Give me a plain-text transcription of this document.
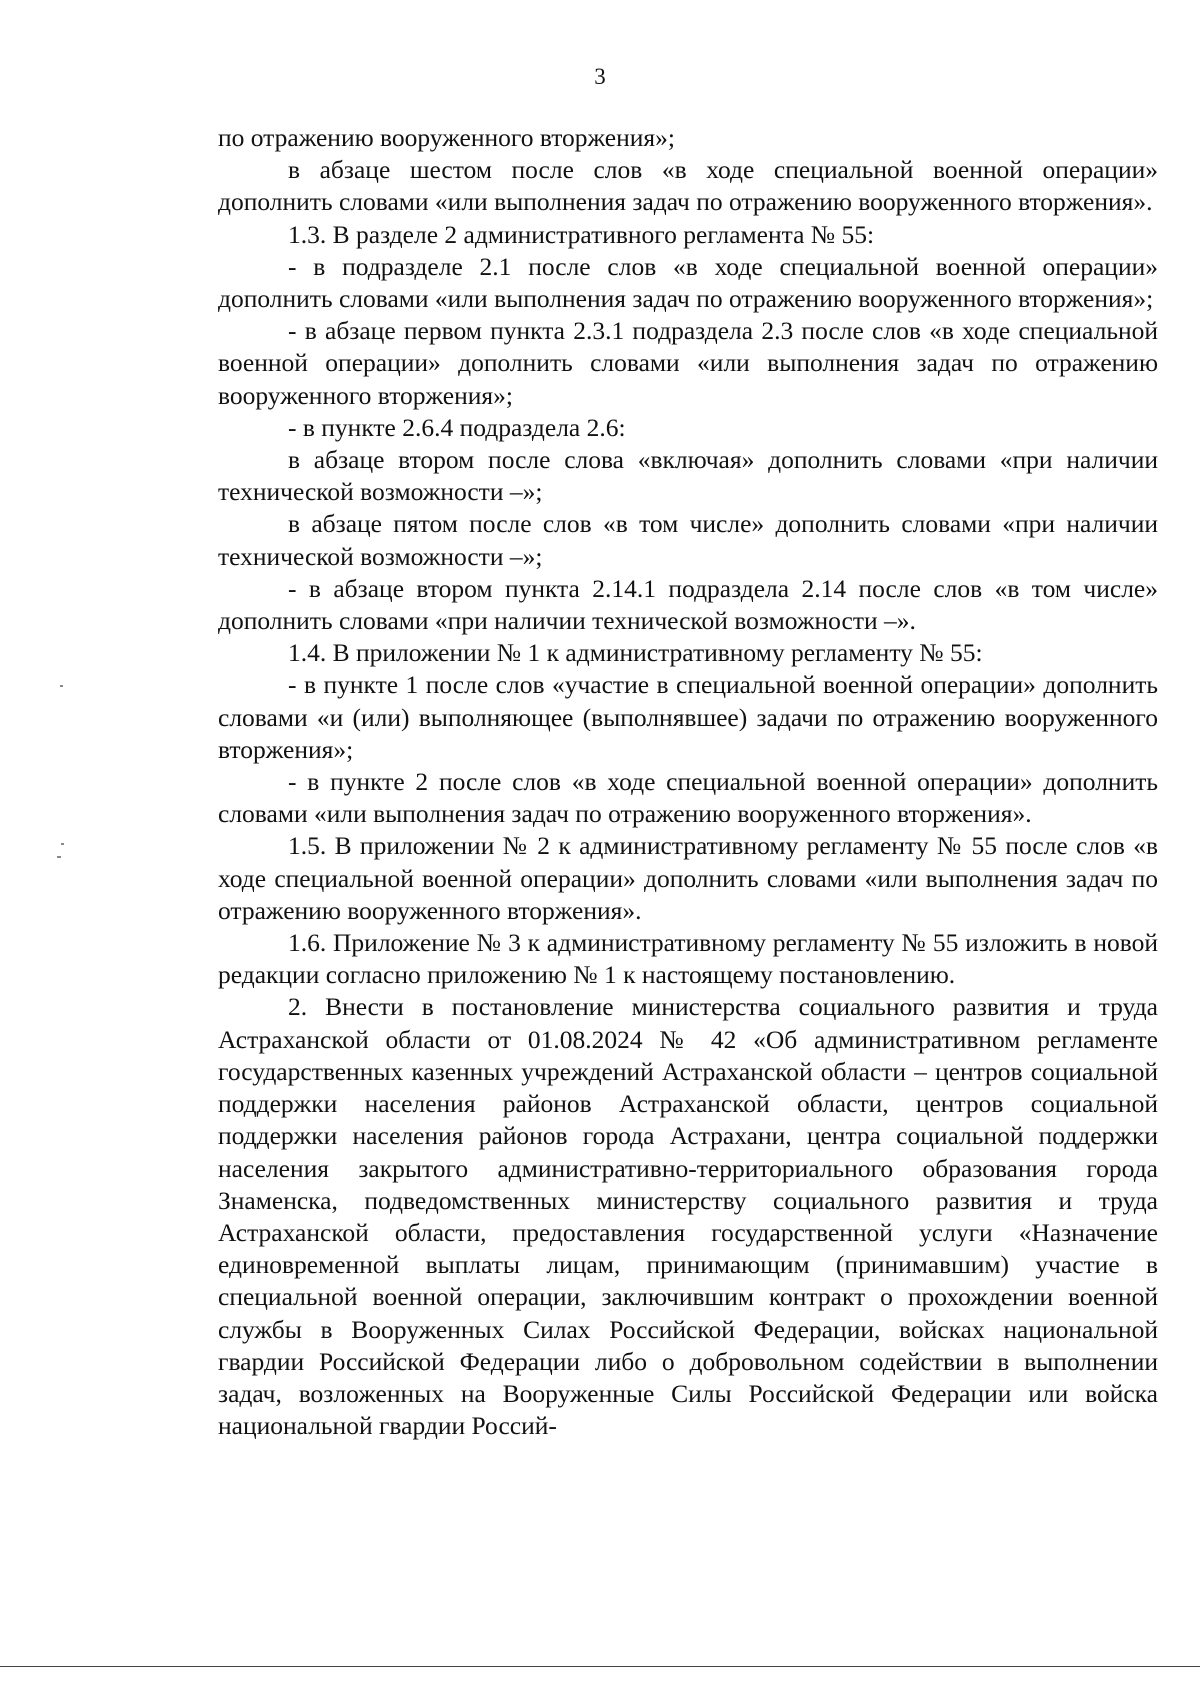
3

по отражению вооруженного вторжения»;

в абзаце шестом после слов «в ходе специальной военной операции» дополнить словами «или выполнения задач по отражению вооруженного вторжения».

1.3. В разделе 2 административного регламента № 55:

- в подразделе 2.1 после слов «в ходе специальной военной операции» дополнить словами «или выполнения задач по отражению вооруженного вторжения»;

- в абзаце первом пункта 2.3.1 подраздела 2.3 после слов «в ходе специальной военной операции» дополнить словами «или выполнения задач по отражению вооруженного вторжения»;

- в пункте 2.6.4 подраздела 2.6:

в абзаце втором после слова «включая» дополнить словами «при наличии технической возможности –»;

в абзаце пятом после слов «в том числе» дополнить словами «при наличии технической возможности –»;

- в абзаце втором пункта 2.14.1 подраздела 2.14 после слов «в том числе» дополнить словами «при наличии технической возможности –».

1.4. В приложении № 1 к административному регламенту № 55:

- в пункте 1 после слов «участие в специальной военной операции» дополнить словами «и (или) выполняющее (выполнявшее) задачи по отражению вооруженного вторжения»;

- в пункте 2 после слов «в ходе специальной военной операции» дополнить словами «или выполнения задач по отражению вооруженного вторжения».

1.5. В приложении № 2 к административному регламенту № 55 после слов «в ходе специальной военной операции» дополнить словами «или выполнения задач по отражению вооруженного вторжения».

1.6. Приложение № 3 к административному регламенту № 55 изложить в новой редакции согласно приложению № 1 к настоящему постановлению.

2. Внести в постановление министерства социального развития и труда Астраханской области от 01.08.2024 № 42 «Об административном регламенте государственных казенных учреждений Астраханской области – центров социальной поддержки населения районов Астраханской области, центров социальной поддержки населения районов города Астрахани, центра социальной поддержки населения закрытого административно-территориального образования города Знаменска, подведомственных министерству социального развития и труда Астраханской области, предоставления государственной услуги «Назначение единовременной выплаты лицам, принимающим (принимавшим) участие в специальной военной операции, заключившим контракт о прохождении военной службы в Вооруженных Силах Российской Федерации, войсках национальной гвардии Российской Федерации либо о добровольном содействии в выполнении задач, возложенных на Вооруженные Силы Российской Федерации или войска национальной гвардии Россий-
